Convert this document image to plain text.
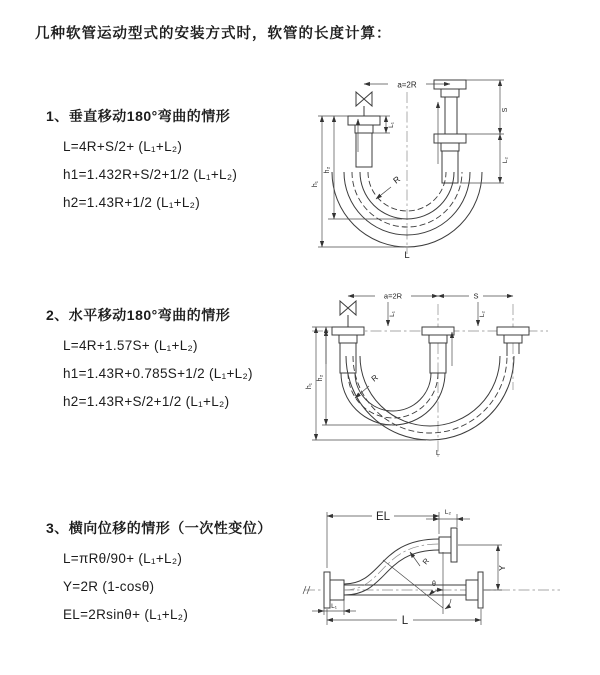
几种软管运动型式的安装方式时，软管的长度计算：
1、垂直移动180°弯曲的情形
L=4R+S/2+ (L₁+L₂)
h1=1.432R+S/2+1/2 (L₁+L₂)
h2=1.43R+1/2 (L₁+L₂)
2、水平移动180°弯曲的情形
L=4R+1.57S+ (L₁+L₂)
h1=1.43R+0.785S+1/2 (L₁+L₂)
h2=1.43R+S/2+1/2 (L₁+L₂)
3、横向位移的情形（一次性变位）
L=πRθ/90+ (L₁+L₂)
Y=2R (1-cosθ)
EL=2Rsinθ+ (L₁+L₂)
a=2R
S
L₂
L₁
h₁
h₂
R
L
a=2R	S
L₁	L₂
h₁
h₂	R
L
θ
R
EL	L₂
Y
L₁
L
